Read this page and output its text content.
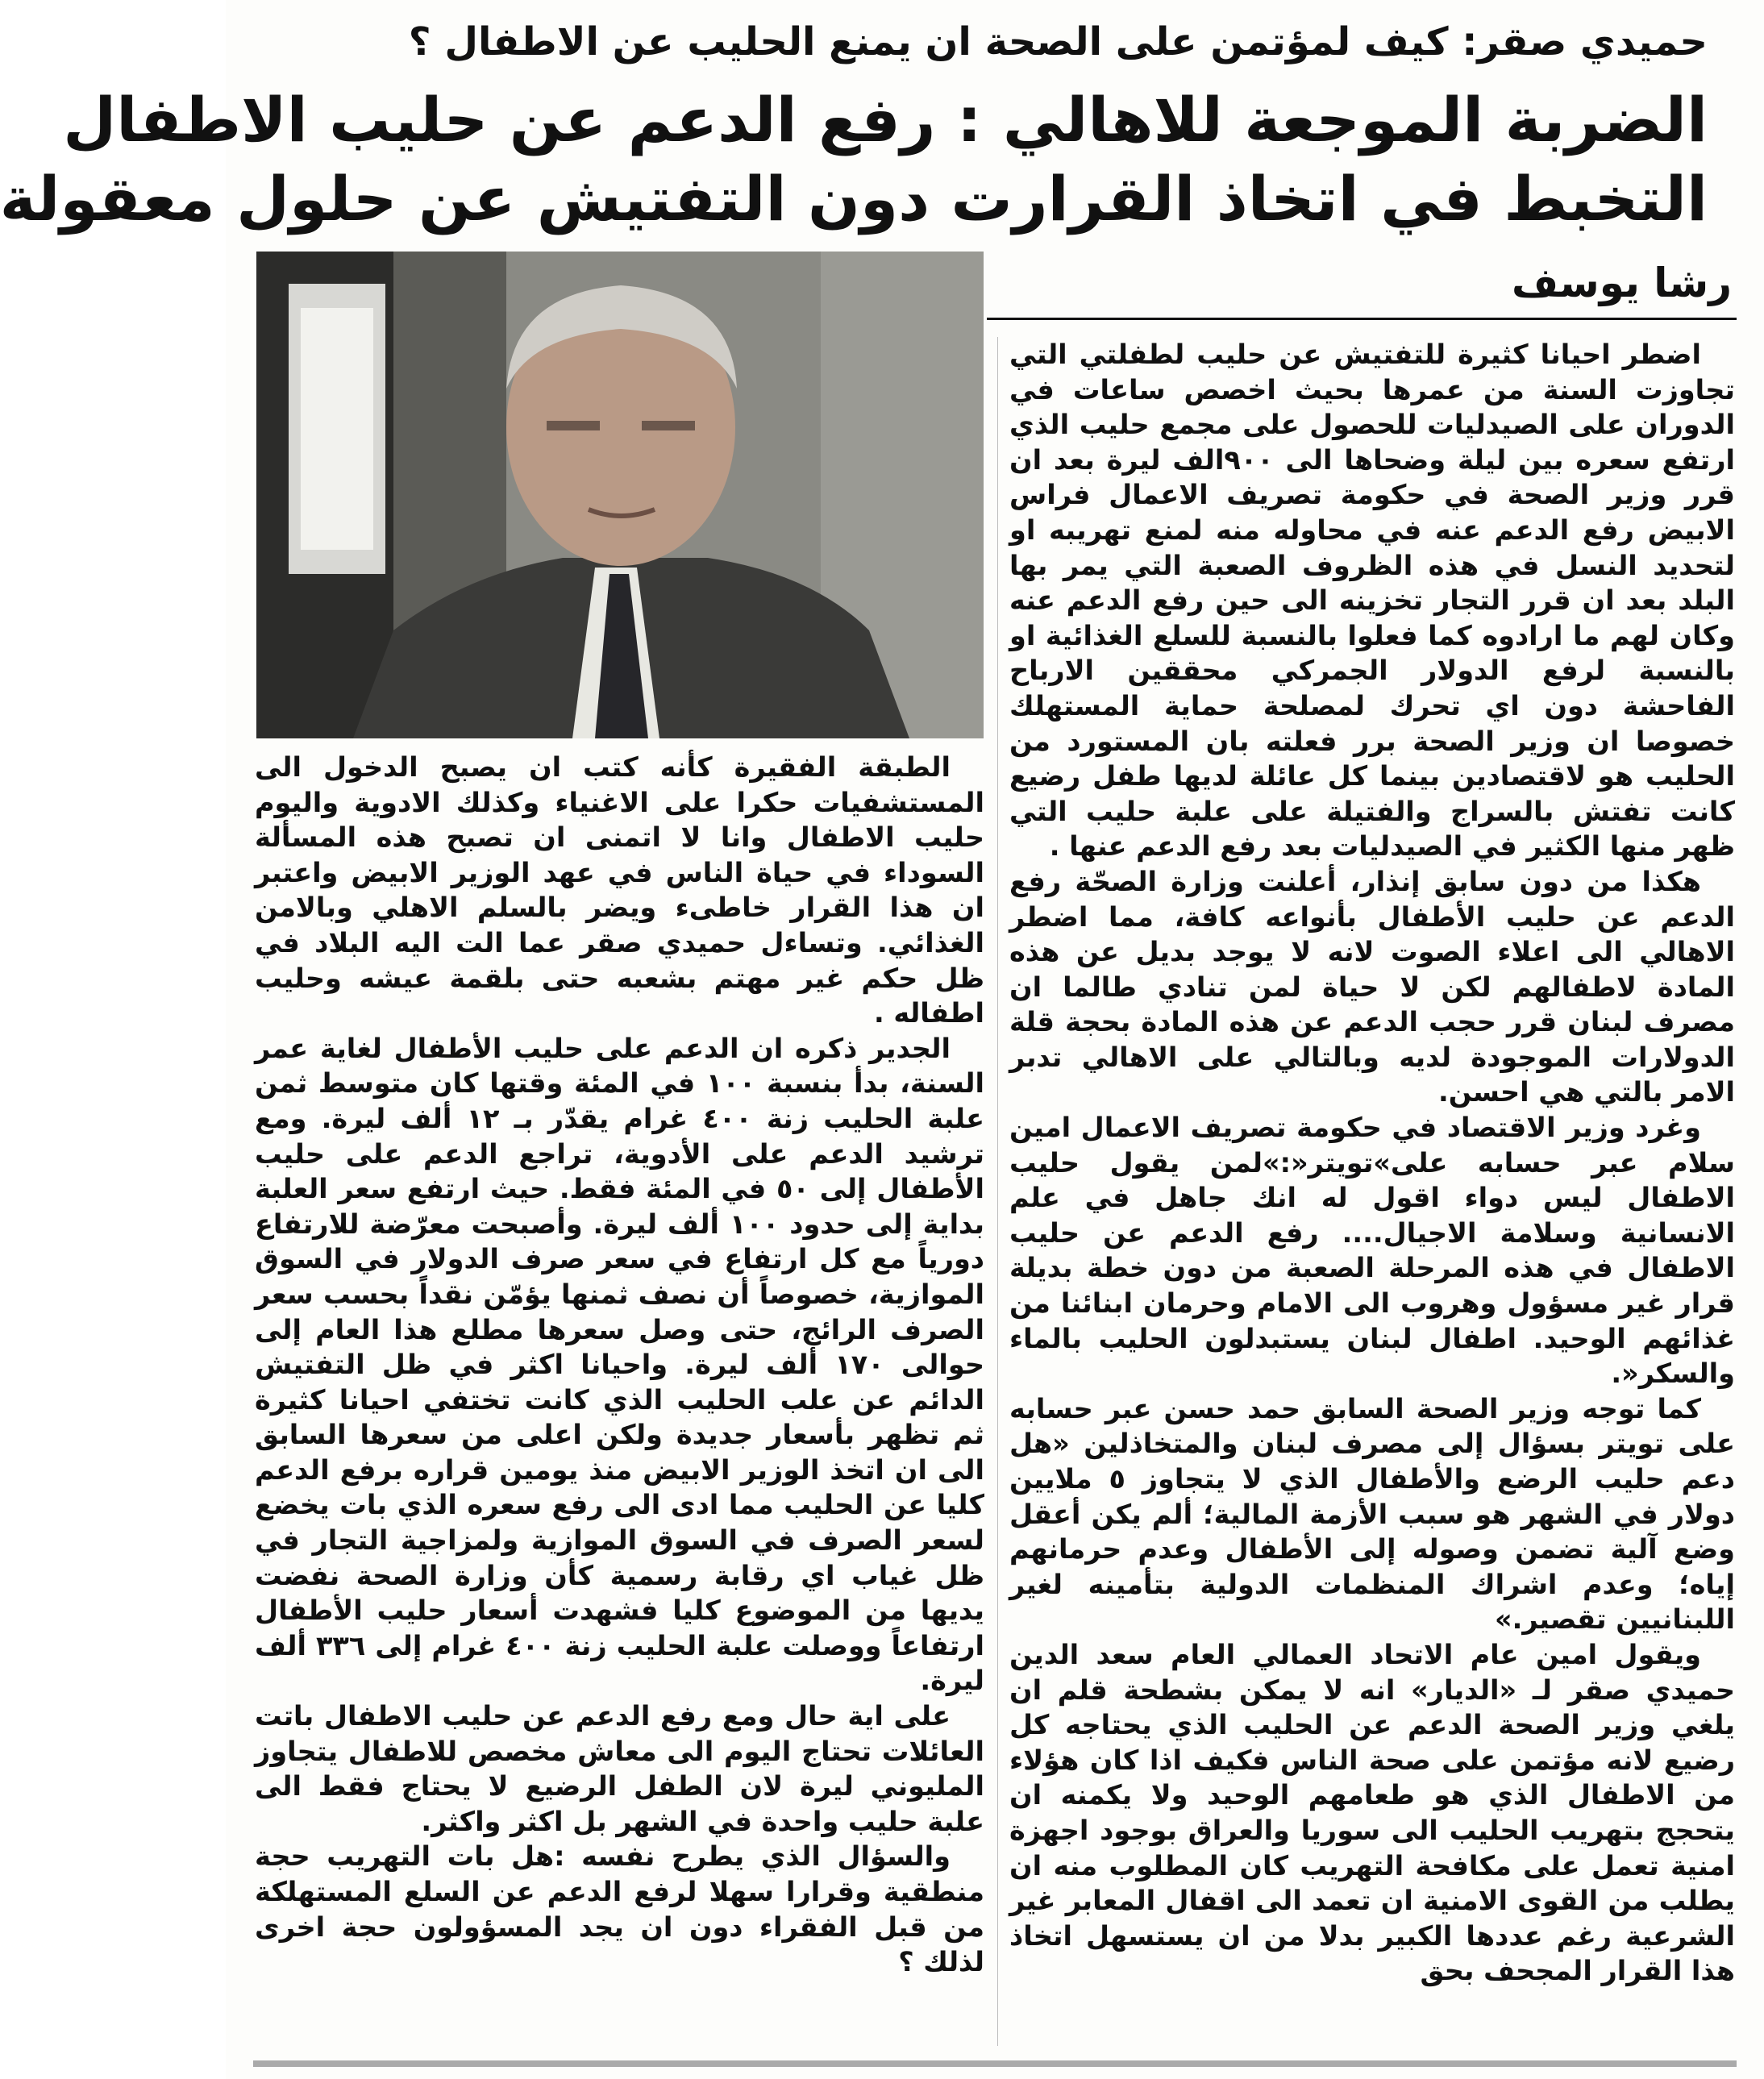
حميدي صقر: كيف لمؤتمن على الصحة ان يمنع الحليب عن الاطفال ؟
الضربة الموجعة للاهالي : رفع الدعم عن حليب الاطفال
التخبط في اتخاذ القرارت دون التفتيش عن حلول معقولة
رشا يوسف

اضطر احيانا كثيرة للتفتيش عن حليب لطفلتي التي تجاوزت السنة من عمرها بحيث اخصص ساعات في الدوران على الصيدليات للحصول على مجمع حليب الذي ارتفع سعره بين ليلة وضحاها الى ٩٠٠الف ليرة بعد ان قرر وزير الصحة في حكومة تصريف الاعمال فراس الابيض رفع الدعم عنه في محاوله منه لمنع تهريبه او لتحديد النسل في هذه الظروف الصعبة التي يمر بها البلد بعد ان قرر التجار تخزينه الى حين رفع الدعم عنه وكان لهم ما ارادوه كما فعلوا بالنسبة للسلع الغذائية او بالنسبة لرفع الدولار الجمركي محققين الارباح الفاحشة دون اي تحرك لمصلحة حماية المستهلك خصوصا ان وزير الصحة برر فعلته بان المستورد من الحليب هو لاقتصادين بينما كل عائلة لديها طفل رضيع كانت تفتش بالسراج والفتيلة على علبة حليب التي ظهر منها الكثير في الصيدليات بعد رفع الدعم عنها .

هكذا من دون سابق إنذار، أعلنت وزارة الصحّة رفع الدعم عن حليب الأطفال بأنواعه كافة، مما اضطر الاهالي الى اعلاء الصوت لانه لا يوجد بديل عن هذه المادة لاطفالهم لكن لا حياة لمن تنادي طالما ان مصرف لبنان قرر حجب الدعم عن هذه المادة بحجة قلة الدولارات الموجودة لديه وبالتالي على الاهالي تدبر الامر بالتي هي احسن.

وغرد وزير الاقتصاد في حكومة تصريف الاعمال امين سلام عبر حسابه على»تويتر«:»لمن يقول حليب الاطفال ليس دواء اقول له انك جاهل في علم الانسانية وسلامة الاجيال.... رفع الدعم عن حليب الاطفال في هذه المرحلة الصعبة من دون خطة بديلة قرار غير مسؤول وهروب الى الامام وحرمان ابنائنا من غذائهم الوحيد. اطفال لبنان يستبدلون الحليب بالماء والسكر«.

كما توجه وزير الصحة السابق حمد حسن عبر حسابه على تويتر بسؤال إلى مصرف لبنان والمتخاذلين «هل دعم حليب الرضع والأطفال الذي لا يتجاوز ٥ ملايين دولار في الشهر هو سبب الأزمة المالية؛ ألم يكن أعقل وضع آلية تضمن وصوله إلى الأطفال وعدم حرمانهم إياه؛ وعدم اشراك المنظمات الدولية بتأمينه لغير اللبنانيين تقصير.»

ويقول امين عام الاتحاد العمالي العام سعد الدين حميدي صقر لـ «الديار» انه لا يمكن بشطحة قلم ان يلغي وزير الصحة الدعم عن الحليب الذي يحتاجه كل رضيع لانه مؤتمن على صحة الناس فكيف اذا كان هؤلاء من الاطفال الذي هو طعامهم الوحيد ولا يكمنه ان يتحجج بتهريب الحليب الى سوريا والعراق بوجود اجهزة امنية تعمل على مكافحة التهريب كان المطلوب منه ان يطلب من القوى الامنية ان تعمد الى اقفال المعابر غير الشرعية رغم عددها الكبير بدلا من ان يستسهل اتخاذ هذا القرار المجحف بحق

الطبقة الفقيرة كأنه كتب ان يصبح الدخول الى المستشفيات حكرا على الاغنياء وكذلك الادوية واليوم حليب الاطفال وانا لا اتمنى ان تصبح هذه المسألة السوداء في حياة الناس في عهد الوزير الابيض واعتبر ان هذا القرار خاطىء ويضر بالسلم الاهلي وبالامن الغذائي. وتساءل حميدي صقر عما الت اليه البلاد في ظل حكم غير مهتم بشعبه حتى بلقمة عيشه وحليب اطفاله .

الجدير ذكره ان الدعم على حليب الأطفال لغاية عمر السنة، بدأ بنسبة ١٠٠ في المئة وقتها كان متوسط ثمن علبة الحليب زنة ٤٠٠ غرام يقدّر بـ ١٢ ألف ليرة. ومع ترشيد الدعم على الأدوية، تراجع الدعم على حليب الأطفال إلى ٥٠ في المئة فقط. حيث ارتفع سعر العلبة بداية إلى حدود ١٠٠ ألف ليرة. وأصبحت معرّضة للارتفاع دورياً مع كل ارتفاع في سعر صرف الدولار في السوق الموازية، خصوصاً أن نصف ثمنها يؤمّن نقداً بحسب سعر الصرف الرائج، حتى وصل سعرها مطلع هذا العام إلى حوالى ١٧٠ ألف ليرة. واحيانا اكثر في ظل التفتيش الدائم عن علب الحليب الذي كانت تختفي احيانا كثيرة ثم تظهر بأسعار جديدة ولكن اعلى من سعرها السابق الى ان اتخذ الوزير الابيض منذ يومين قراره برفع الدعم كليا عن الحليب مما ادى الى رفع سعره الذي بات يخضع لسعر الصرف في السوق الموازية ولمزاجية التجار في ظل غياب اي رقابة رسمية كأن وزارة الصحة نفضت يديها من الموضوع كليا فشهدت أسعار حليب الأطفال ارتفاعاً ووصلت علبة الحليب زنة ٤٠٠ غرام إلى ٣٣٦ ألف ليرة.

على اية حال ومع رفع الدعم عن حليب الاطفال باتت العائلات تحتاج اليوم الى معاش مخصص للاطفال يتجاوز المليوني ليرة لان الطفل الرضيع لا يحتاج فقط الى علبة حليب واحدة في الشهر بل اكثر واكثر.

والسؤال الذي يطرح نفسه :هل بات التهريب حجة منطقية وقرارا سهلا لرفع الدعم عن السلع المستهلكة من قبل الفقراء دون ان يجد المسؤولون حجة اخرى لذلك ؟
